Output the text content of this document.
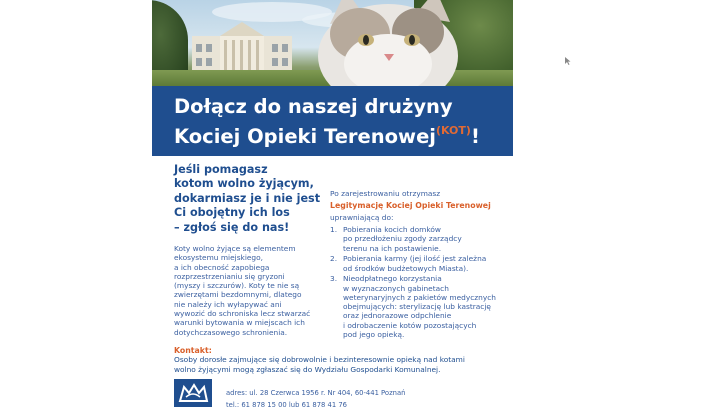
Dołącz do naszej drużyny
Kociej Opieki Terenowej$^{(KOT)}$!
Jeśli pomagasz
kotom wolno żyjącym,
dokarmiasz je i nie jest
Ci obojętny ich los
– zgłoś się do nas!
Koty wolno żyjące są elementem
ekosystemu miejskiego,
a ich obecność zapobiega
rozprzestrzenianiu się gryzoni
(myszy i szczurów). Koty te nie są
zwierzętami bezdomnymi, dlatego
nie należy ich wyłapywać ani
wywozić do schroniska lecz stwarzać
warunki bytowania w miejscach ich
dotychczasowego schronienia.
Po zarejestrowaniu otrzymasz
Legitymację Kociej Opieki Terenowej
uprawniającą do:
1. Pobierania kocich domków
po przedłożeniu zgody zarządcy
terenu na ich postawienie.
2. Pobierania karmy (jej ilość jest zależna
od środków budżetowych Miasta).
3. Nieodpłatnego korzystania
w wyznaczonych gabinetach
weterynaryjnych z pakietów medycznych
obejmujących: sterylizację lub kastrację
oraz jednorazowe odpchlenie
i odrobaczenie kotów pozostających
pod jego opieką.
Kontakt:
Osoby dorosłe zajmujące się dobrowolnie i bezinteresownie opieką nad kotami
wolno żyjącymi mogą zgłaszać się do Wydziału Gospodarki Komunalnej.
adres: ul. 28 Czerwca 1956 r. Nr 404, 60-441 Poznań
tel.: 61 878 15 00 lub 61 878 41 76
